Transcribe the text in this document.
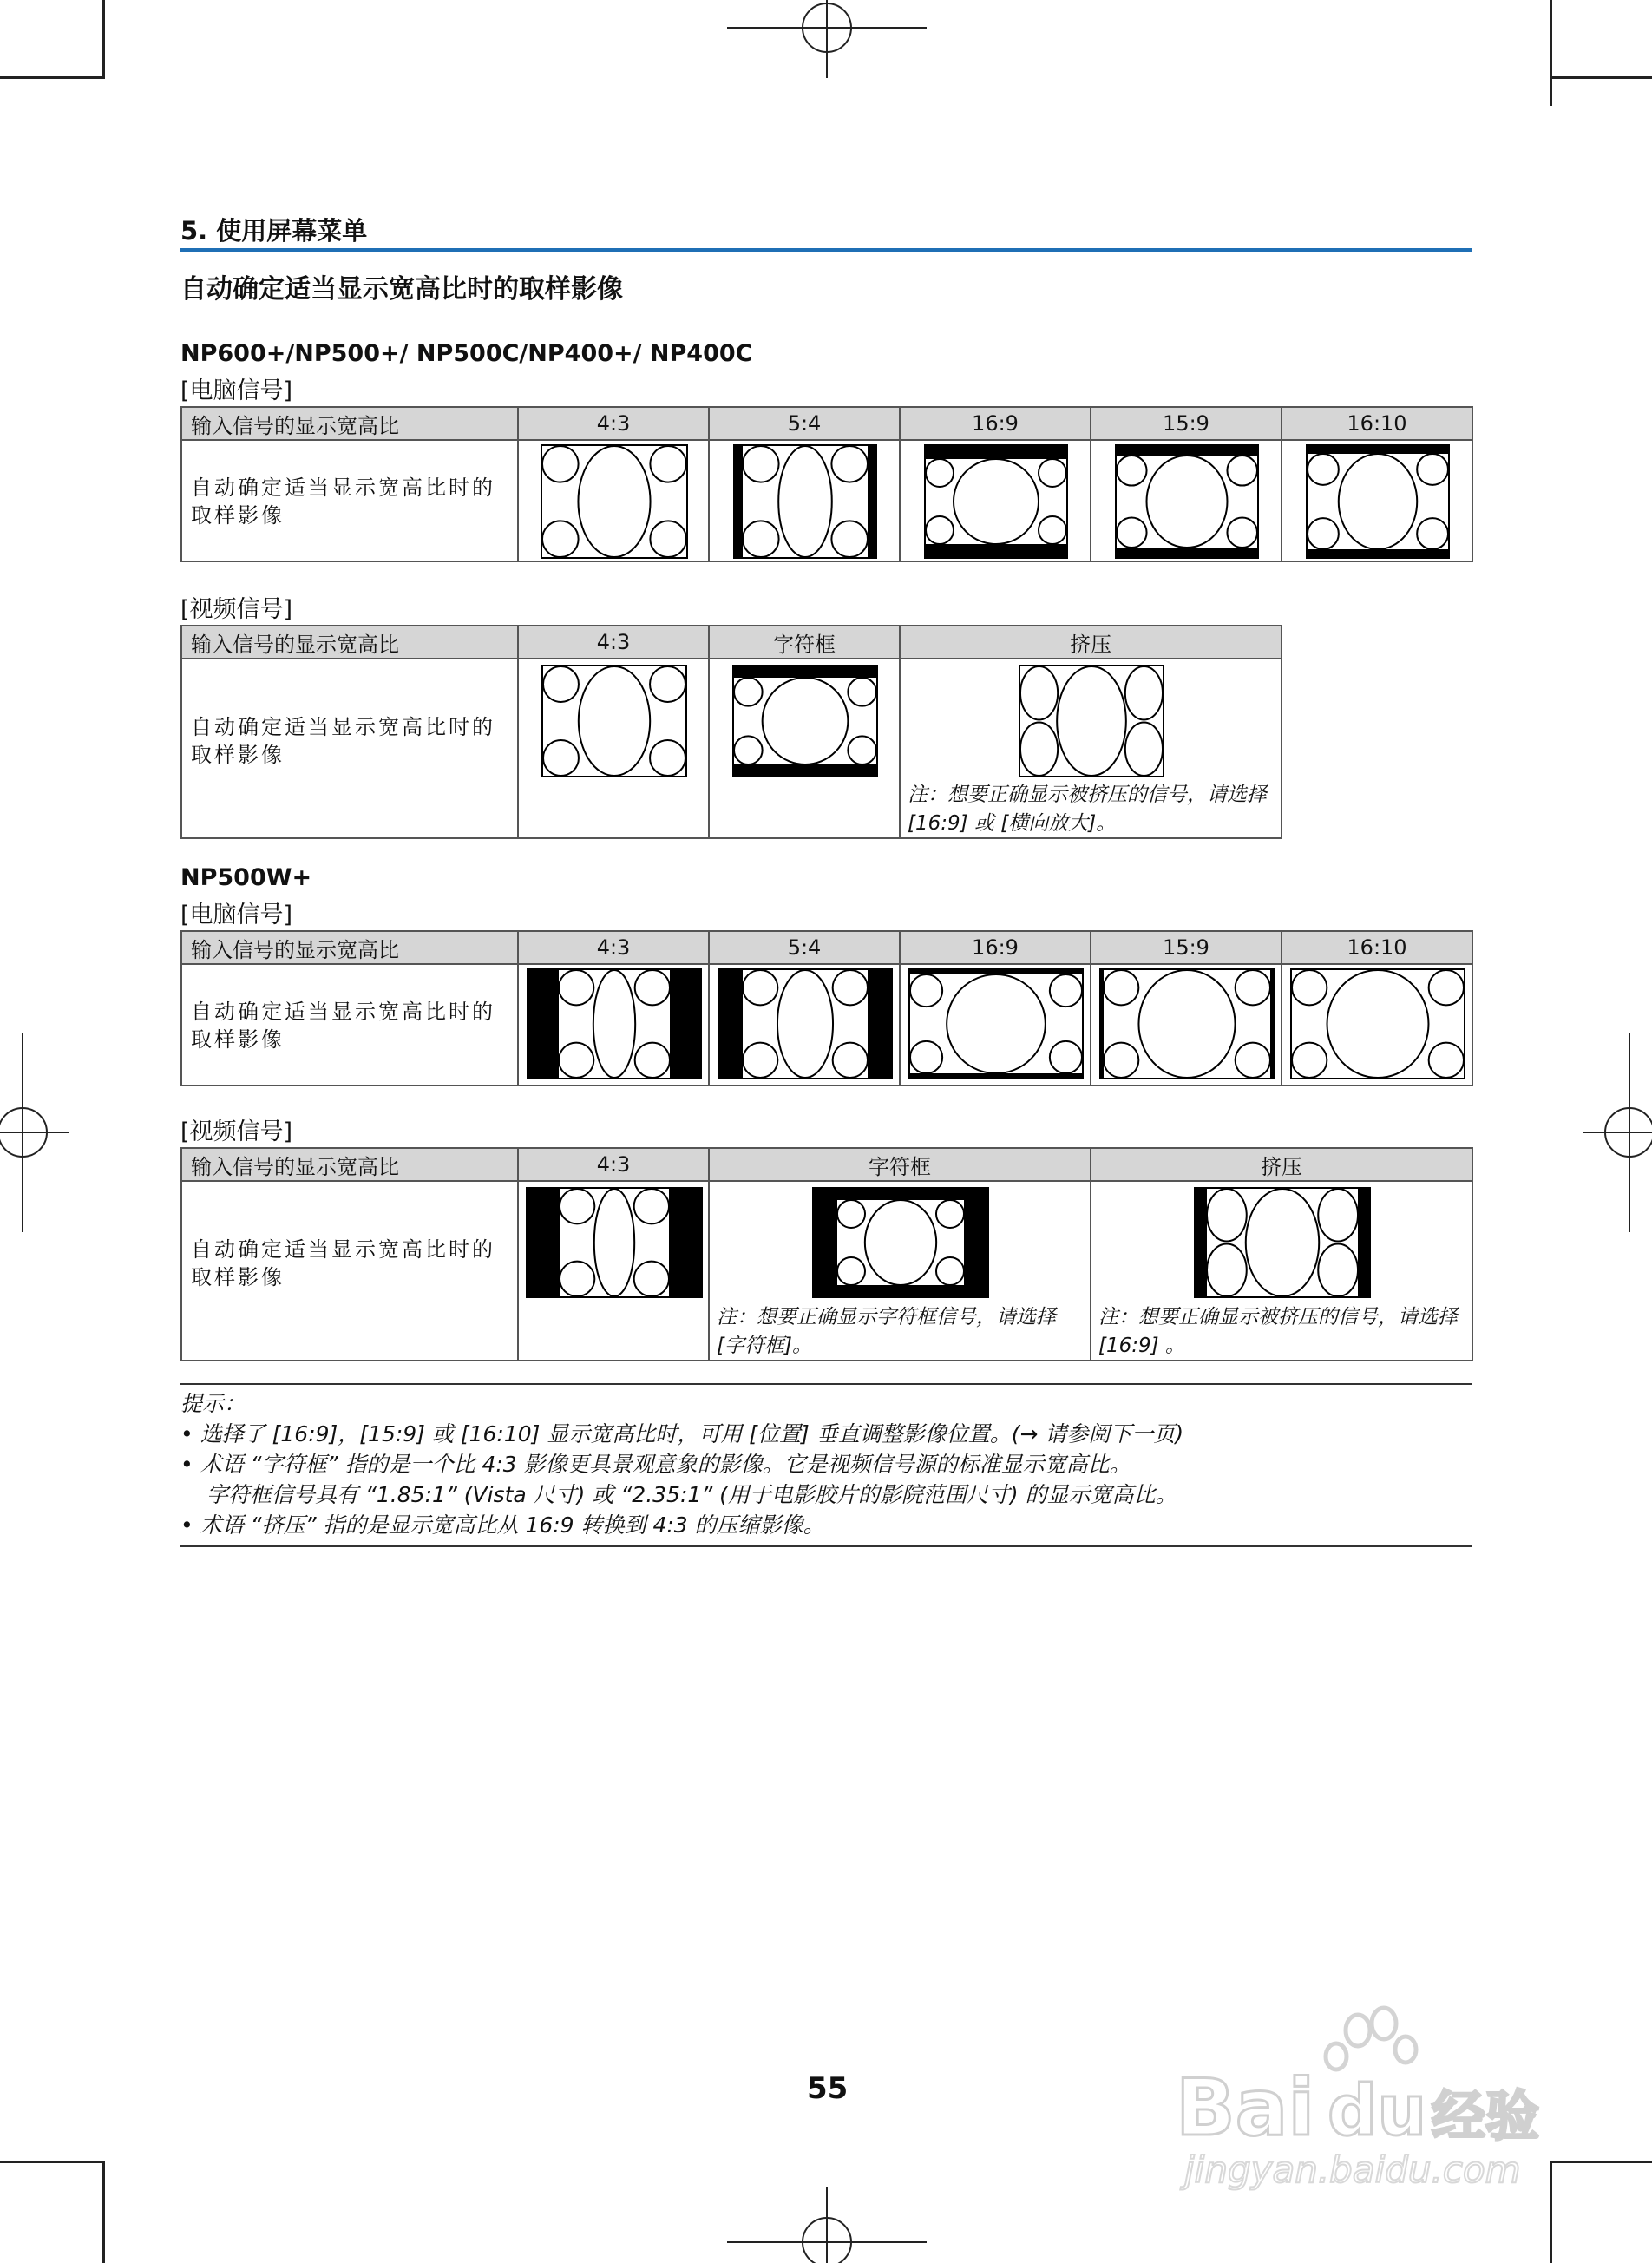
5. 使用屏幕菜单
自动确定适当显示宽高比时的取样影像
NP600+/NP500+/ NP500C/NP400+/ NP400C
[电脑信号]
输入信号的显示宽高比	4:3	5:4	16:9	15:9	16:10
自动确定适当显示宽高比时的取样影像	

[视频信号]
输入信号的显示宽高比	4:3	字符框	挤压
自动确定适当显示宽高比时的取样影像			注：想要正确显示被挤压的信号，请选择 [16:9] 或 [横向放大]。
NP500W+
[电脑信号]
输入信号的显示宽高比	4:3	5:4	16:9	15:9	16:10
自动确定适当显示宽高比时的取样影像	

[视频信号]
输入信号的显示宽高比	4:3	字符框	挤压
自动确定适当显示宽高比时的取样影像		注：想要正确显示字符框信号，请选择 [字符框]。	注：想要正确显示被挤压的信号，请选择 [16:9] 。
提示：
• 选择了 [16:9]，[15:9] 或 [16:10] 显示宽高比时，可用 [位置] 垂直调整影像位置。(→ 请参阅下一页)
• 术语 “字符框” 指的是一个比 4:3 影像更具景观意象的影像。它是视频信号源的标准显示宽高比。
字符框信号具有 “1.85:1” (Vista 尺寸) 或 “2.35:1” (用于电影胶片的影院范围尺寸) 的显示宽高比。
• 术语 “挤压” 指的是显示宽高比从 16:9 转换到 4:3 的压缩影像。
55	Bai du 经验
jingyan.baidu.com
